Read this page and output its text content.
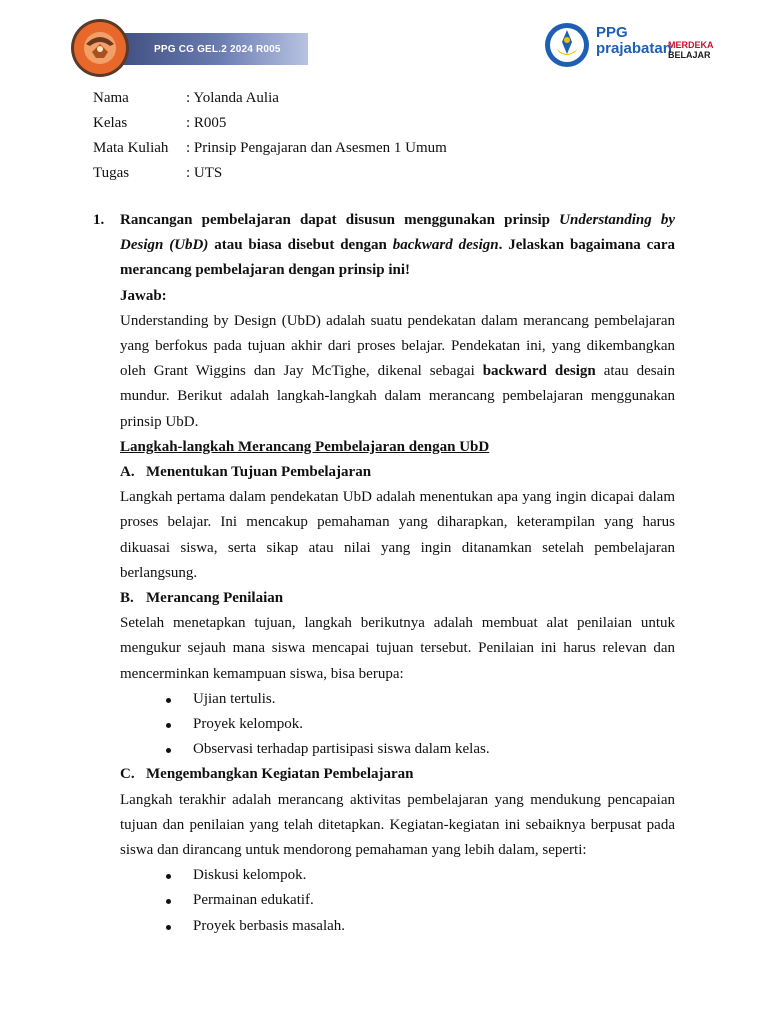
PPG CG GEL.2 2024 R005
PPG
prajabatan
MERDEKA
BELAJAR
Nama	: Yolanda Aulia
Kelas	: R005
Mata Kuliah : Prinsip Pengajaran dan Asesmen 1 Umum
Tugas	: UTS
1.	Rancangan pembelajaran dapat disusun menggunakan prinsip Understanding by Design (UbD) atau biasa disebut dengan backward design. Jelaskan bagaimana cara merancang pembelajaran dengan prinsip ini!

Jawab:

Understanding by Design (UbD) adalah suatu pendekatan dalam merancang pembelajaran yang berfokus pada tujuan akhir dari proses belajar. Pendekatan ini, yang dikembangkan oleh Grant Wiggins dan Jay McTighe, dikenal sebagai backward design atau desain mundur. Berikut adalah langkah-langkah dalam merancang pembelajaran menggunakan prinsip UbD.

Langkah-langkah Merancang Pembelajaran dengan UbD

A. Menentukan Tujuan Pembelajaran

Langkah pertama dalam pendekatan UbD adalah menentukan apa yang ingin dicapai dalam proses belajar. Ini mencakup pemahaman yang diharapkan, keterampilan yang harus dikuasai siswa, serta sikap atau nilai yang ingin ditanamkan setelah pembelajaran berlangsung.

B. Merancang Penilaian

Setelah menetapkan tujuan, langkah berikutnya adalah membuat alat penilaian untuk mengukur sejauh mana siswa mencapai tujuan tersebut. Penilaian ini harus relevan dan mencerminkan kemampuan siswa, bisa berupa:

Ujian tertulis.
Proyek kelompok.
Observasi terhadap partisipasi siswa dalam kelas.

C. Mengembangkan Kegiatan Pembelajaran

Langkah terakhir adalah merancang aktivitas pembelajaran yang mendukung pencapaian tujuan dan penilaian yang telah ditetapkan. Kegiatan-kegiatan ini sebaiknya berpusat pada siswa dan dirancang untuk mendorong pemahaman yang lebih dalam, seperti:

Diskusi kelompok.
Permainan edukatif.
Proyek berbasis masalah.
